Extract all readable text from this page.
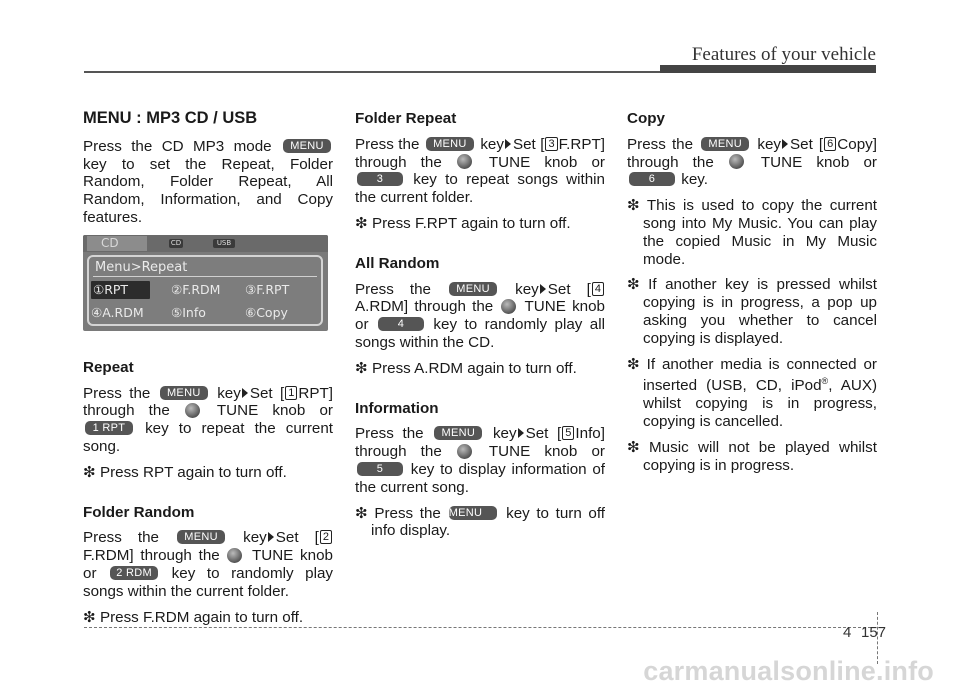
Features of your vehicle
MENU : MP3 CD / USB

Press the CD MP3 mode MENU key to set the Repeat, Folder Random, Folder Repeat, All Random, Information, and Copy features.

CD	CD	USB
Menu>Repeat
①RPT	②F.RDM ③F.RPT
④A.RDM ⑤Info	⑥Copy
Repeat

Press the MENU key Set [ 1 RPT] through the	TUNE knob or 1 RPT key to repeat the current song.

❇ Press RPT again to turn off.

Folder Random

Press the MENU key Set [ 2 F.RDM] through the TUNE knob or 2 RDM key to randomly play songs within the current folder.

❇ Press F.RDM again to turn off.

Folder Repeat

Press the MENU key Set [ 3 F.RPT] through the	TUNE knob or 3 key to repeat songs within the current folder.

❇ Press F.RPT again to turn off.

All Random

Press the MENU key Set [ 4 A.RDM] through the TUNE knob or	4 key to randomly play all songs within the CD.

❇ Press A.RDM again to turn off.

Information

Press the MENU key Set [ 5 Info] through the	TUNE knob or 5 key to display information of the current song.

❇ Press the MENU key to turn off info display.

Copy

Press the MENU key Set [ 6 Copy] through the	TUNE knob or 6 key.

❇ This is used to copy the current song into My Music. You can play the copied Music in My Music mode.

❇ If another key is pressed whilst copying is in progress, a pop up asking you whether to cancel copying is displayed.

❇ If another media is connected or inserted (USB, CD, iPod®, AUX) whilst copying is in progress, copying is cancelled.

❇ Music will not be played whilst copying is in progress.

4 157
carmanualsonline.info
